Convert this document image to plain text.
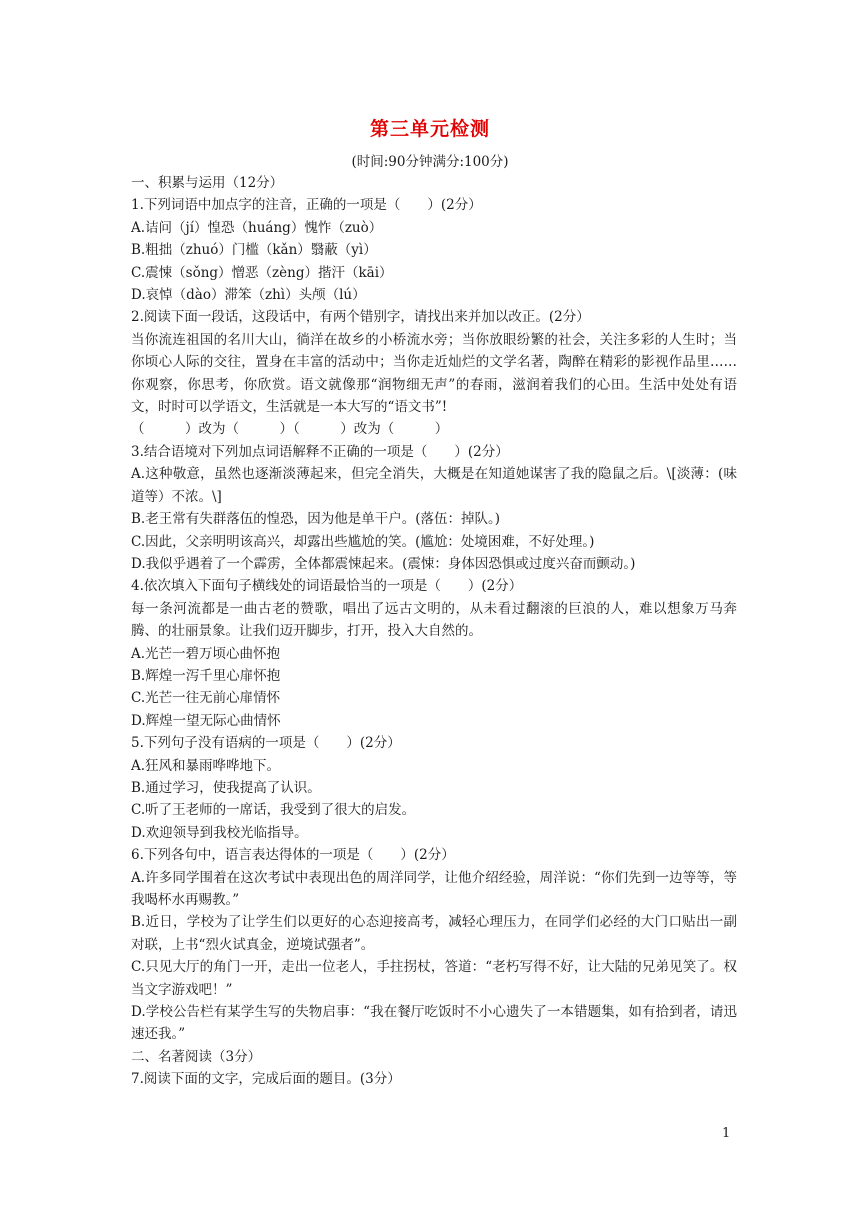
第三单元检测
(时间:90分钟满分:100分)

一、积累与运用（12分）

1.下列词语中加点字的注音，正确的一项是（　　）(2分）

A.诘问（jí）惶恐（huáng）愧怍（zuò）

B.粗拙（zhuó）门槛（kǎn）翳蔽（yì）

C.震悚（sǒng）憎恶（zèng）揩汗（kāi）

D.哀悼（dào）滞笨（zhì）头颅（lú）

2.阅读下面一段话，这段话中，有两个错别字，请找出来并加以改正。(2分）

当你流连祖国的名川大山，徜洋在故乡的小桥流水旁；当你放眼纷繁的社会，关注多彩的人生时；当你顷心人际的交往，置身在丰富的活动中；当你走近灿烂的文学名著，陶醉在精彩的影视作品里……你观察，你思考，你欣赏。语文就像那“润物细无声”的春雨，滋润着我们的心田。生活中处处有语文，时时可以学语文，生活就是一本大写的“语文书”!

（　　　）改为（　　　）（　　　）改为（　　　）

3.结合语境对下列加点词语解释不正确的一项是（　　）(2分）

A.这种敬意，虽然也逐渐淡薄起来，但完全消失，大概是在知道她谋害了我的隐鼠之后。\[淡薄：(味道等）不浓。\]

B.老王常有失群落伍的惶恐，因为他是单干户。(落伍：掉队。)

C.因此，父亲明明该高兴，却露出些尴尬的笑。(尴尬：处境困难，不好处理。)

D.我似乎遇着了一个霹雳，全体都震悚起来。(震悚：身体因恐惧或过度兴奋而颤动。)

4.依次填入下面句子横线处的词语最恰当的一项是（　　）(2分）

每一条河流都是一曲古老的赞歌，唱出了远古文明的，从未看过翻滚的巨浪的人，难以想象万马奔腾、的壮丽景象。让我们迈开脚步，打开，投入大自然的。

A.光芒一碧万顷心曲怀抱

B.辉煌一泻千里心扉怀抱

C.光芒一往无前心扉情怀

D.辉煌一望无际心曲情怀

5.下列句子没有语病的一项是（　　）(2分）

A.狂风和暴雨哗哗地下。

B.通过学习，使我提高了认识。

C.听了王老师的一席话，我受到了很大的启发。

D.欢迎领导到我校光临指导。

6.下列各句中，语言表达得体的一项是（　　）(2分）

A.许多同学围着在这次考试中表现出色的周洋同学，让他介绍经验，周洋说：“你们先到一边等等，等我喝杯水再赐教。”

B.近日，学校为了让学生们以更好的心态迎接高考，减轻心理压力，在同学们必经的大门口贴出一副对联，上书“烈火试真金，逆境试强者”。

C.只见大厅的角门一开，走出一位老人，手拄拐杖，答道：“老朽写得不好，让大陆的兄弟见笑了。权当文字游戏吧！”

D.学校公告栏有某学生写的失物启事：“我在餐厅吃饭时不小心遗失了一本错题集，如有拾到者，请迅速还我。”

二、名著阅读（3分）

7.阅读下面的文字，完成后面的题目。(3分）

1
